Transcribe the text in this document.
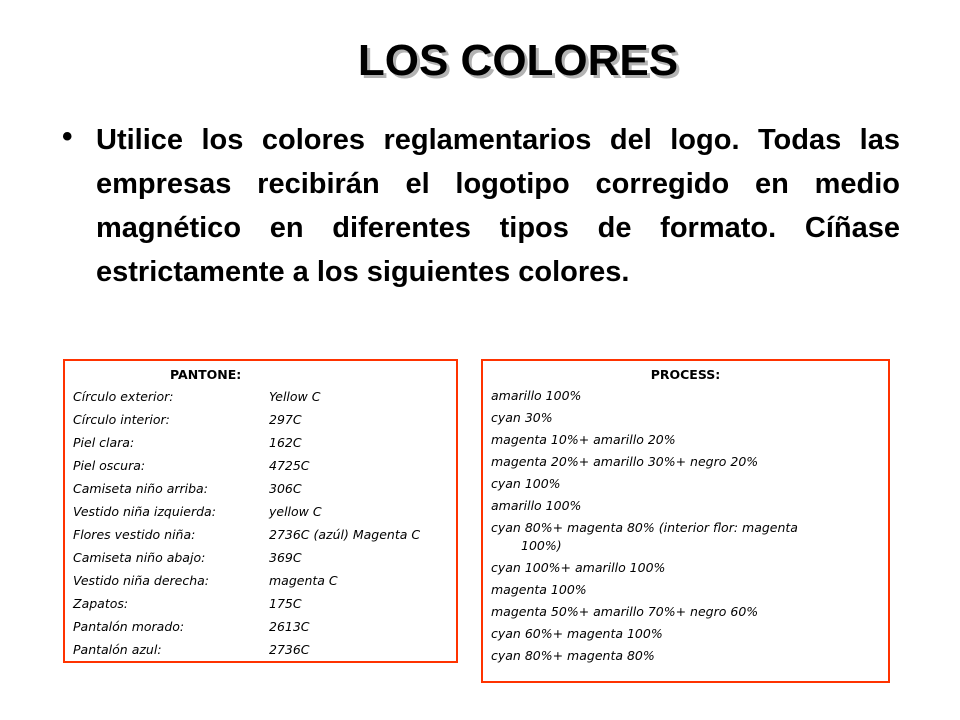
LOS COLORES
• Utilice los colores reglamentarios del logo. Todas las empresas recibirán el logotipo corregido en medio magnético en diferentes tipos de formato. Cíñase estrictamente a los siguientes colores.
PANTONE:
Círculo exterior:	Yellow C
Círculo interior:	297C
Piel clara:	162C
Piel oscura:	4725C
Camiseta niño arriba:	306C
Vestido niña izquierda:	yellow C
Flores vestido niña:	2736C (azúl) Magenta C
Camiseta niño abajo:	369C
Vestido niña derecha:	magenta C
Zapatos:	175C
Pantalón morado:	2613C
Pantalón azul:	2736C
PROCESS:
amarillo 100%
cyan 30%
magenta 10%+ amarillo 20%
magenta 20%+ amarillo 30%+ negro 20%
cyan 100%
amarillo 100%
cyan 80%+ magenta 80% (interior flor: magenta
100%)
cyan 100%+ amarillo 100%
magenta 100%
magenta 50%+ amarillo 70%+ negro 60%
cyan 60%+ magenta 100%
cyan 80%+ magenta 80%
